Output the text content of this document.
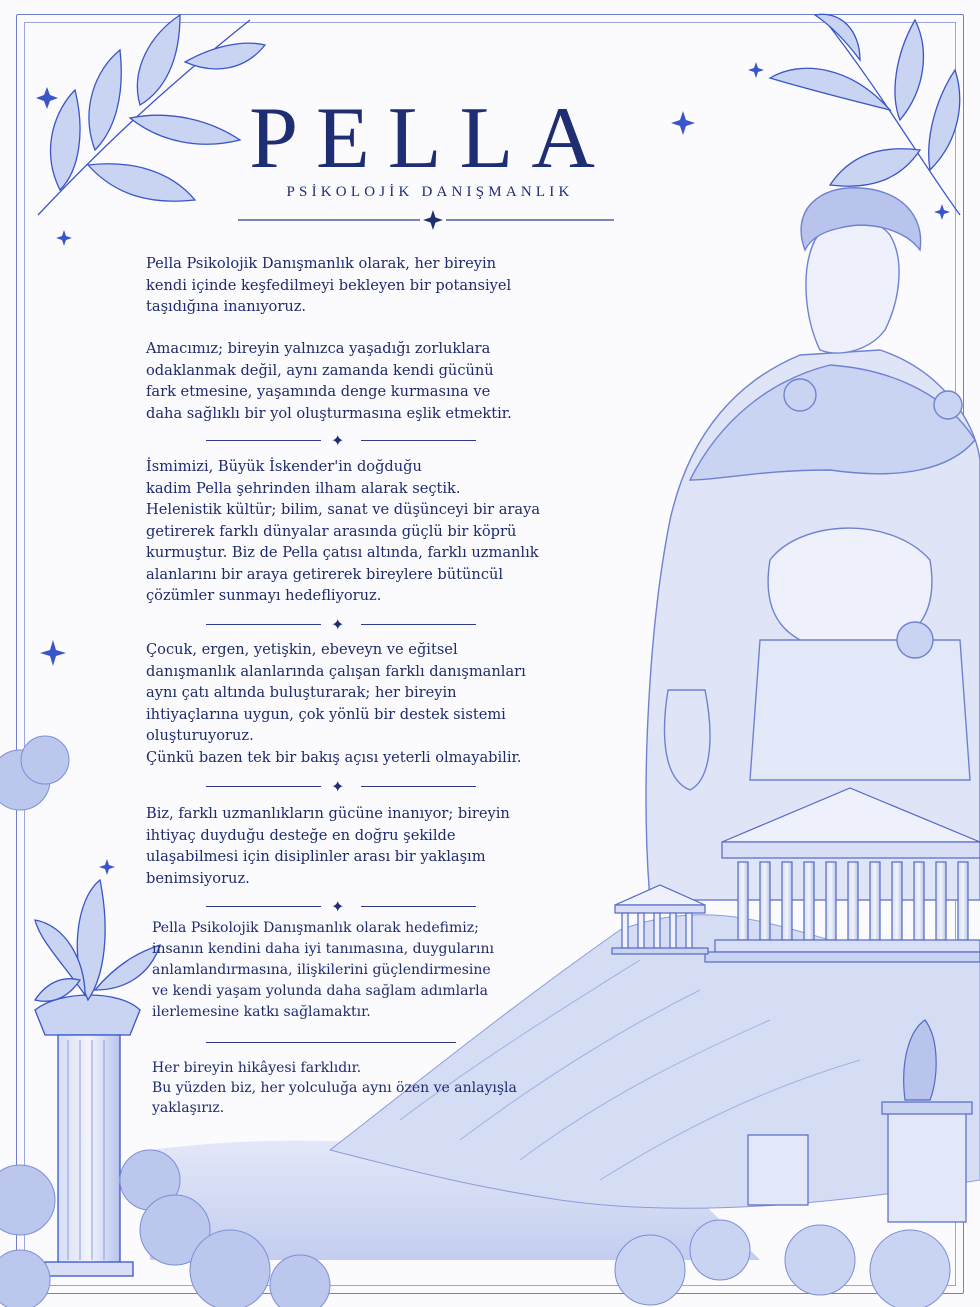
PELLA
PSİKOLOJİK DANIŞMANLIK

Pella Psikolojik Danışmanlık olarak, her bireyin
kendi içinde keşfedilmeyi bekleyen bir potansiyel
taşıdığına inanıyoruz.

Amacımız; bireyin yalnızca yaşadığı zorluklara
odaklanmak değil, aynı zamanda kendi gücünü
fark etmesine, yaşamında denge kurmasına ve
daha sağlıklı bir yol oluşturmasına eşlik etmektir.

✦

İsmimizi, Büyük İskender'in doğduğu
kadim Pella şehrinden ilham alarak seçtik.
Helenistik kültür; bilim, sanat ve düşünceyi bir araya
getirerek farklı dünyalar arasında güçlü bir köprü
kurmuştur. Biz de Pella çatısı altında, farklı uzmanlık
alanlarını bir araya getirerek bireylere bütüncül
çözümler sunmayı hedefliyoruz.

✦

Çocuk, ergen, yetişkin, ebeveyn ve eğitsel
danışmanlık alanlarında çalışan farklı danışmanları
aynı çatı altında buluşturarak; her bireyin
ihtiyaçlarına uygun, çok yönlü bir destek sistemi
oluşturuyoruz.
Çünkü bazen tek bir bakış açısı yeterli olmayabilir.

✦

Biz, farklı uzmanlıkların gücüne inanıyor; bireyin
ihtiyaç duyduğu desteğe en doğru şekilde
ulaşabilmesi için disiplinler arası bir yaklaşım
benimsiyoruz.

✦

Pella Psikolojik Danışmanlık olarak hedefimiz;
insanın kendini daha iyi tanımasına, duygularını
anlamlandırmasına, ilişkilerini güçlendirmesine
ve kendi yaşam yolunda daha sağlam adımlarla
ilerlemesine katkı sağlamaktır.

Her bireyin hikâyesi farklıdır.
Bu yüzden biz, her yolculuğa aynı özen ve anlayışla
yaklaşırız.
